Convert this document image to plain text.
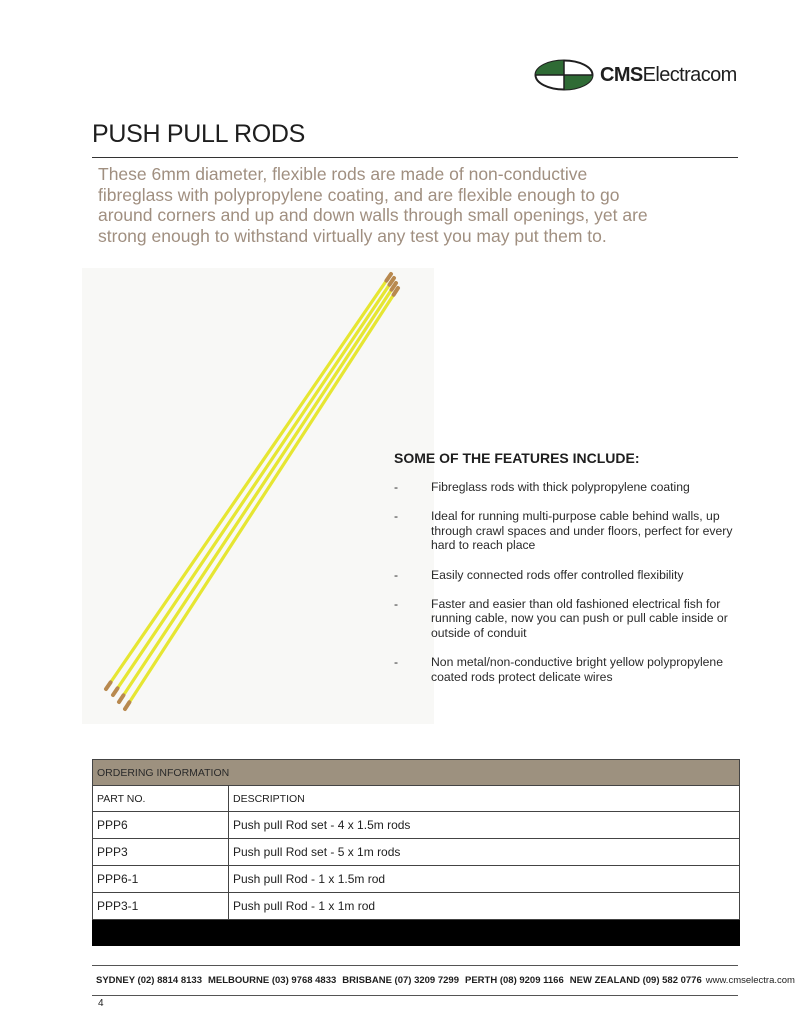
CMSElectracom
PUSH PULL RODS

These 6mm diameter, flexible rods are made of non-conductive fibreglass with polypropylene coating, and are flexible enough to go around corners and up and down walls through small openings, yet are strong enough to withstand virtually any test you may put them to.

SOME OF THE FEATURES INCLUDE:
-	Fibreglass rods with thick polypropylene coating
-	Ideal for running multi-purpose cable behind walls, up through crawl spaces and under floors, perfect for every hard to reach place
-	Easily connected rods offer controlled flexibility
-	Faster and easier than old fashioned electrical fish for running cable, now you can push or pull cable inside or outside of conduit
-	Non metal/non-conductive bright yellow polypropylene coated rods protect delicate wires
ORDERING INFORMATION	
PART NO.	DESCRIPTION
PPP6	Push pull Rod set - 4 x 1.5m rods
PPP3	Push pull Rod set - 5 x 1m rods
PPP6-1	Push pull Rod - 1 x 1.5m rod
PPP3-1	Push pull Rod - 1 x 1m rod

SYDNEY (02) 8814 8133 MELBOURNE (03) 9768 4833 BRISBANE (07) 3209 7299 PERTH (08) 9209 1166 NEW ZEALAND (09) 582 0776 www.cmselectra.com
4
